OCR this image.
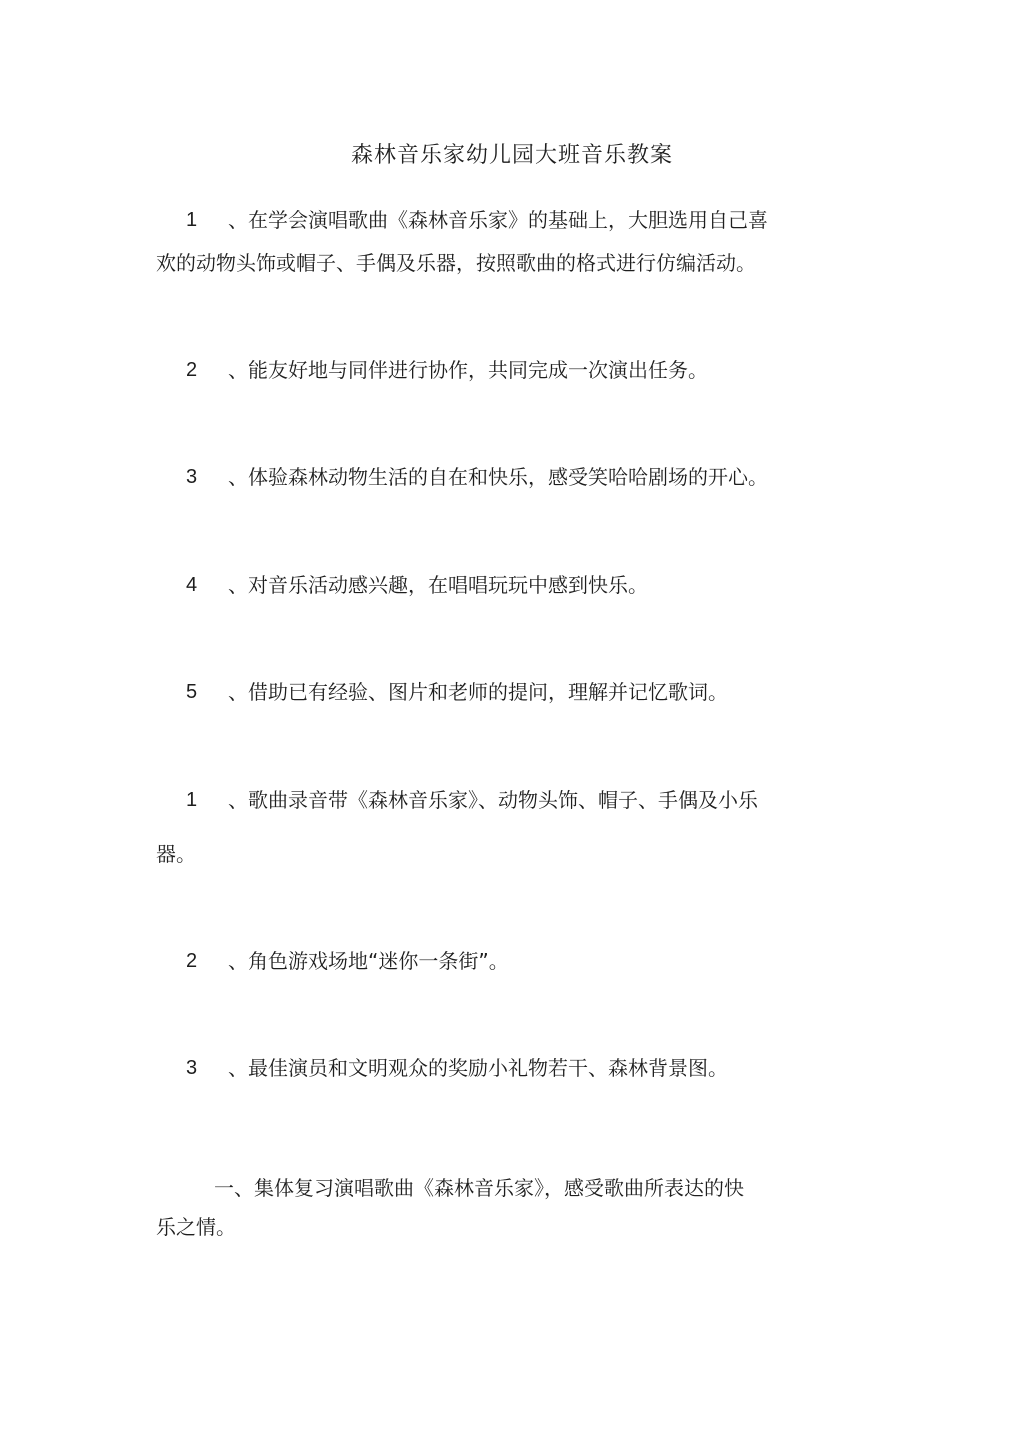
森林音乐家幼儿园大班音乐教案
1 、在学会演唱歌曲《森林音乐家》的基础上，大胆选用自己喜
欢的动物头饰或帽子、手偶及乐器，按照歌曲的格式进行仿编活动。
2 、能友好地与同伴进行协作，共同完成一次演出任务。
3 、体验森林动物生活的自在和快乐，感受笑哈哈剧场的开心。
4 、对音乐活动感兴趣，在唱唱玩玩中感到快乐。
5 、借助已有经验、图片和老师的提问，理解并记忆歌词。
1 、歌曲录音带《森林音乐家》、动物头饰、帽子、手偶及小乐
器。
2 、角色游戏场地“迷你一条街”。
3 、最佳演员和文明观众的奖励小礼物若干、森林背景图。
一、集体复习演唱歌曲《森林音乐家》，感受歌曲所表达的快
乐之情。
